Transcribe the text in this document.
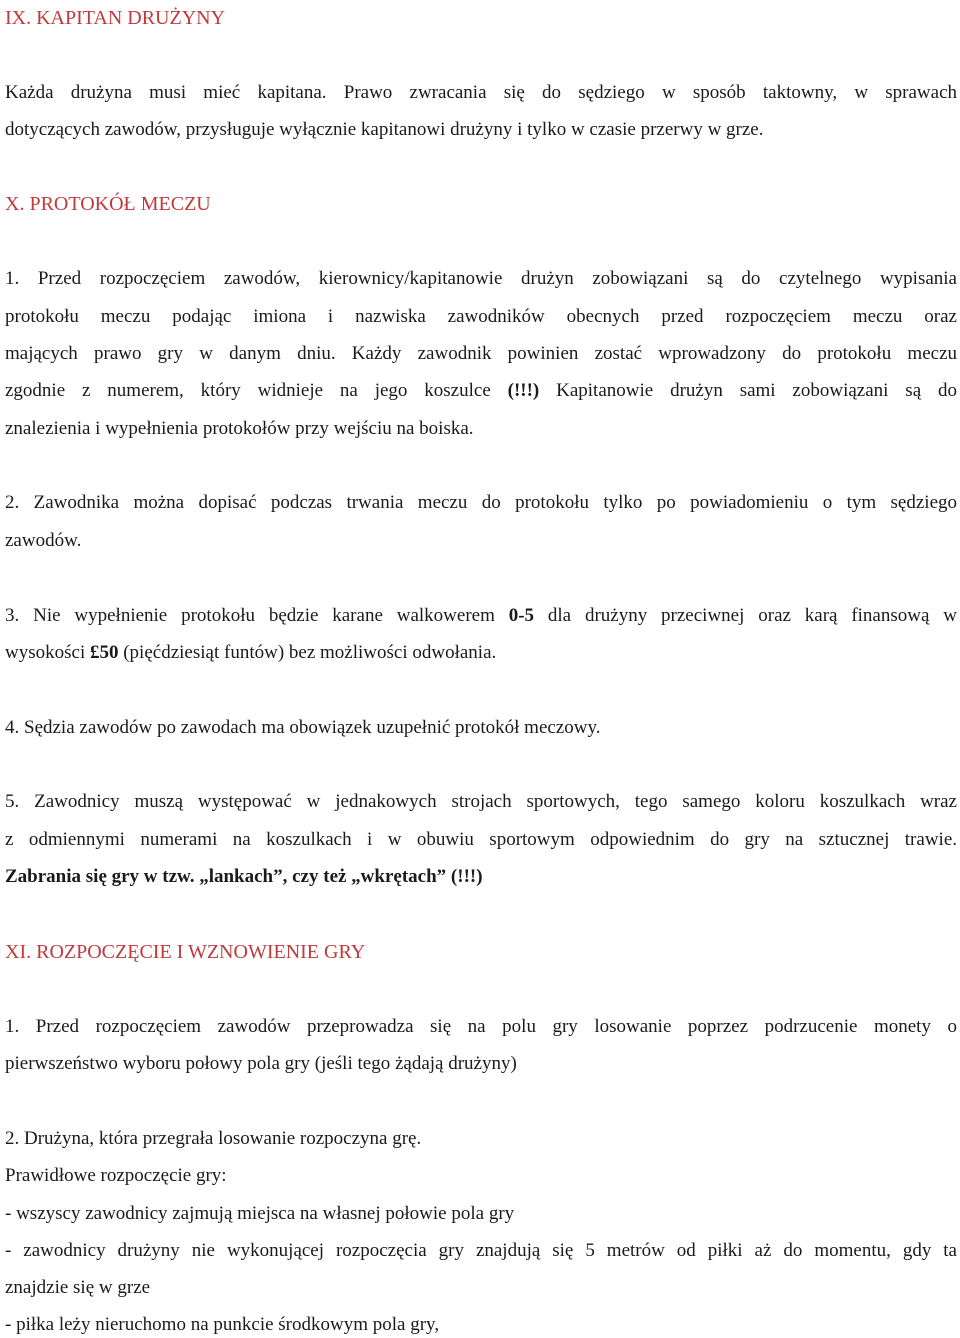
IX. KAPITAN DRUŻYNY
Każda drużyna musi mieć kapitana. Prawo zwracania się do sędziego w sposób taktowny, w sprawach
dotyczących zawodów, przysługuje wyłącznie kapitanowi drużyny i tylko w czasie przerwy w grze.
X. PROTOKÓŁ MECZU
1. Przed rozpoczęciem zawodów, kierownicy/kapitanowie drużyn zobowiązani są do czytelnego wypisania
protokołu meczu podając imiona i nazwiska zawodników obecnych przed rozpoczęciem meczu oraz
mających prawo gry w danym dniu. Każdy zawodnik powinien zostać wprowadzony do protokołu meczu
zgodnie z numerem, który widnieje na jego koszulce (!!!) Kapitanowie drużyn sami zobowiązani są do
znalezienia i wypełnienia protokołów przy wejściu na boiska.
2. Zawodnika można dopisać podczas trwania meczu do protokołu tylko po powiadomieniu o tym sędziego
zawodów.
3. Nie wypełnienie protokołu będzie karane walkowerem 0-5 dla drużyny przeciwnej oraz karą finansową w
wysokości £50 (pięćdziesiąt funtów) bez możliwości odwołania.
4. Sędzia zawodów po zawodach ma obowiązek uzupełnić protokół meczowy.
5. Zawodnicy muszą występować w jednakowych strojach sportowych, tego samego koloru koszulkach wraz
z odmiennymi numerami na koszulkach i w obuwiu sportowym odpowiednim do gry na sztucznej trawie.
Zabrania się gry w tzw. „lankach”, czy też „wkrętach” (!!!)
XI. ROZPOCZĘCIE I WZNOWIENIE GRY
1. Przed rozpoczęciem zawodów przeprowadza się na polu gry losowanie poprzez podrzucenie monety o
pierwszeństwo wyboru połowy pola gry (jeśli tego żądają drużyny)
2. Drużyna, która przegrała losowanie rozpoczyna grę.
Prawidłowe rozpoczęcie gry:
- wszyscy zawodnicy zajmują miejsca na własnej połowie pola gry
- zawodnicy drużyny nie wykonującej rozpoczęcia gry znajdują się 5 metrów od piłki aż do momentu, gdy ta
znajdzie się w grze
- piłka leży nieruchomo na punkcie środkowym pola gry,
